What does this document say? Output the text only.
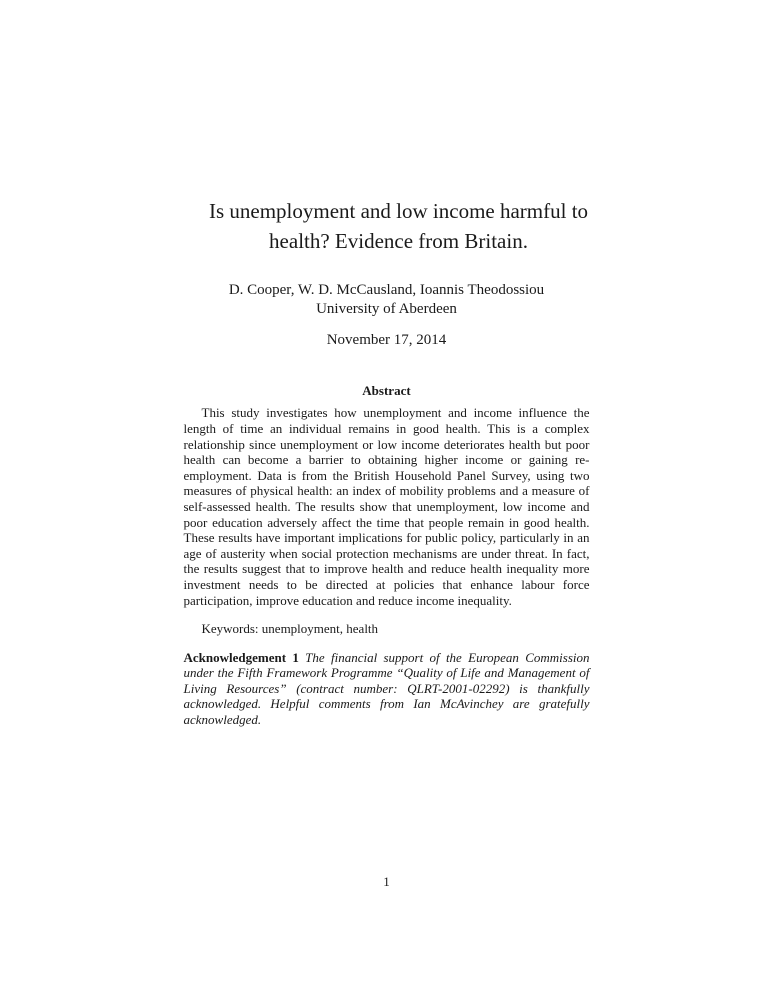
Is unemployment and low income harmful to health? Evidence from Britain.
D. Cooper, W. D. McCausland, Ioannis Theodossiou
University of Aberdeen
November 17, 2014
Abstract

This study investigates how unemployment and income influence the length of time an individual remains in good health. This is a complex relationship since unemployment or low income deteriorates health but poor health can become a barrier to obtaining higher income or gaining re-employment. Data is from the British Household Panel Survey, using two measures of physical health: an index of mobility problems and a measure of self-assessed health. The results show that unemployment, low income and poor education adversely affect the time that people remain in good health. These results have important implications for public policy, particularly in an age of austerity when social protection mechanisms are under threat. In fact, the results suggest that to improve health and reduce health inequality more investment needs to be directed at policies that enhance labour force participation, improve education and reduce income inequality.

Keywords: unemployment, health

Acknowledgement 1 The financial support of the European Commission under the Fifth Framework Programme “Quality of Life and Management of Living Resources” (contract number: QLRT-2001-02292) is thankfully acknowledged. Helpful comments from Ian McAvinchey are gratefully acknowledged.

1
